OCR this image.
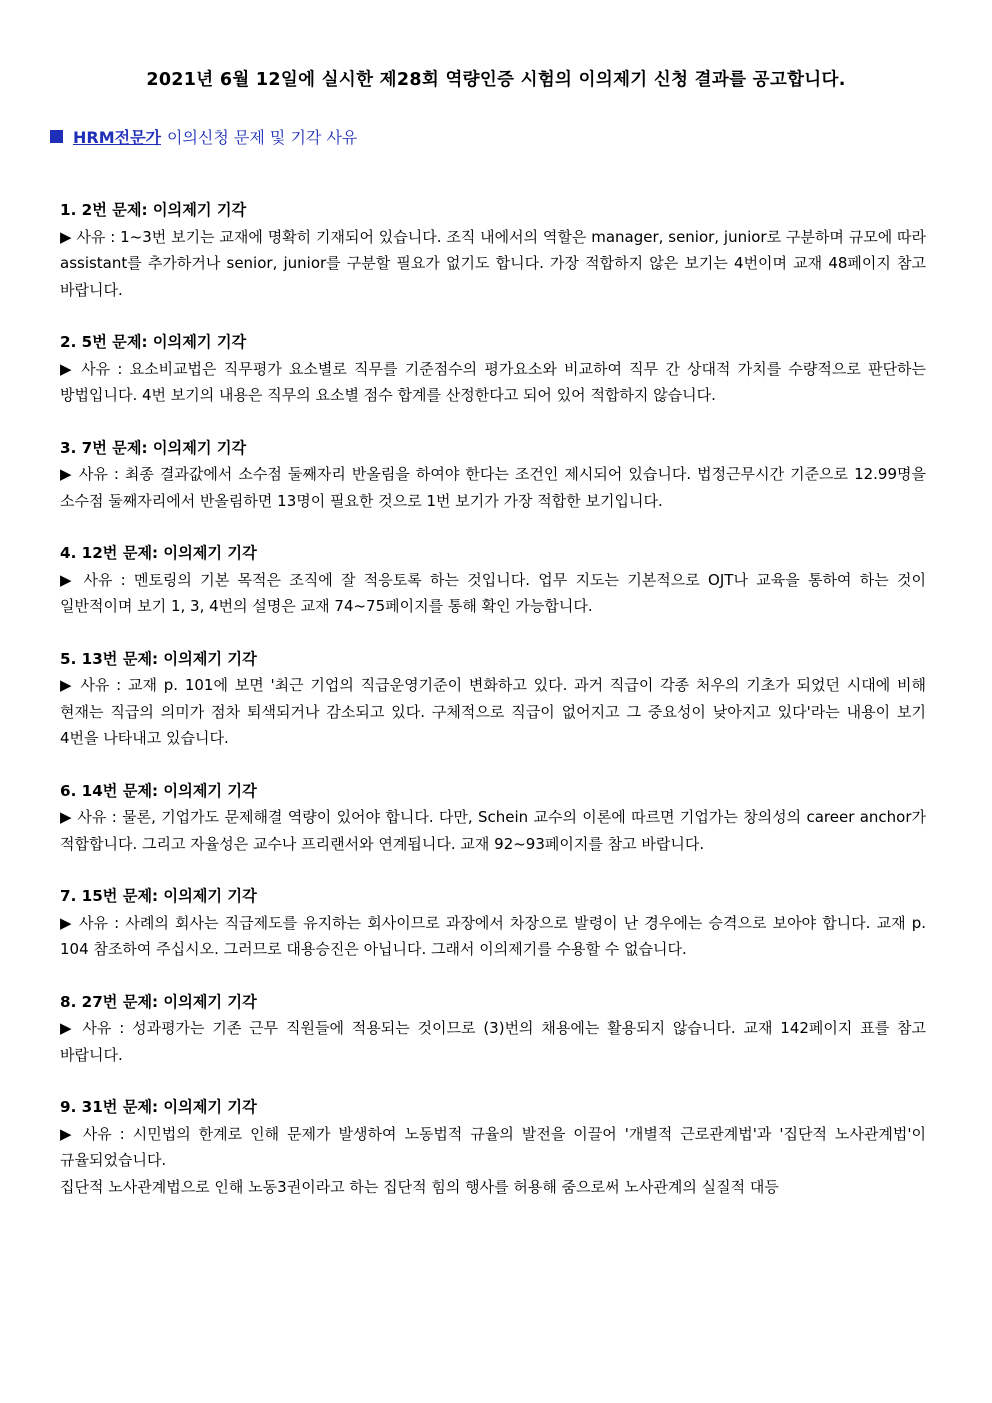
2021년 6월 12일에 실시한 제28회 역량인증 시험의 이의제기 신청 결과를 공고합니다.
HRM전문가 이의신청 문제 및 기각 사유

1. 2번 문제: 이의제기 기각

▶ 사유 : 1~3번 보기는 교재에 명확히 기재되어 있습니다. 조직 내에서의 역할은 manager, senior, junior로 구분하며 규모에 따라 assistant를 추가하거나 senior, junior를 구분할 필요가 없기도 합니다. 가장 적합하지 않은 보기는 4번이며 교재 48페이지 참고 바랍니다.

2. 5번 문제: 이의제기 기각

▶ 사유 : 요소비교법은 직무평가 요소별로 직무를 기준점수의 평가요소와 비교하여 직무 간 상대적 가치를 수량적으로 판단하는 방법입니다. 4번 보기의 내용은 직무의 요소별 점수 합계를 산정한다고 되어 있어 적합하지 않습니다.

3. 7번 문제: 이의제기 기각

▶ 사유 : 최종 결과값에서 소수점 둘째자리 반올림을 하여야 한다는 조건인 제시되어 있습니다. 법정근무시간 기준으로 12.99명을 소수점 둘째자리에서 반올림하면 13명이 필요한 것으로 1번 보기가 가장 적합한 보기입니다.

4. 12번 문제: 이의제기 기각

▶ 사유 : 멘토링의 기본 목적은 조직에 잘 적응토록 하는 것입니다. 업무 지도는 기본적으로 OJT나 교육을 통하여 하는 것이 일반적이며 보기 1, 3, 4번의 설명은 교재 74~75페이지를 통해 확인 가능합니다.

5. 13번 문제: 이의제기 기각

▶ 사유 : 교재 p. 101에 보면 '최근 기업의 직급운영기준이 변화하고 있다. 과거 직급이 각종 처우의 기초가 되었던 시대에 비해 현재는 직급의 의미가 점차 퇴색되거나 감소되고 있다. 구체적으로 직급이 없어지고 그 중요성이 낮아지고 있다'라는 내용이 보기 4번을 나타내고 있습니다.

6. 14번 문제: 이의제기 기각

▶ 사유 : 물론, 기업가도 문제해결 역량이 있어야 합니다. 다만, Schein 교수의 이론에 따르면 기업가는 창의성의 career anchor가 적합합니다. 그리고 자율성은 교수나 프리랜서와 연계됩니다. 교재 92~93페이지를 참고 바랍니다.

7. 15번 문제: 이의제기 기각

▶ 사유 : 사례의 회사는 직급제도를 유지하는 회사이므로 과장에서 차장으로 발령이 난 경우에는 승격으로 보아야 합니다. 교재 p. 104 참조하여 주십시오. 그러므로 대용승진은 아닙니다. 그래서 이의제기를 수용할 수 없습니다.

8. 27번 문제: 이의제기 기각

▶ 사유 : 성과평가는 기존 근무 직원들에 적용되는 것이므로 (3)번의 채용에는 활용되지 않습니다. 교재 142페이지 표를 참고 바랍니다.

9. 31번 문제: 이의제기 기각

▶ 사유 : 시민법의 한계로 인해 문제가 발생하여 노동법적 규율의 발전을 이끌어 '개별적 근로관계법'과 '집단적 노사관계법'이 규율되었습니다.

집단적 노사관계법으로 인해 노동3권이라고 하는 집단적 힘의 행사를 허용해 줌으로써 노사관계의 실질적 대등
